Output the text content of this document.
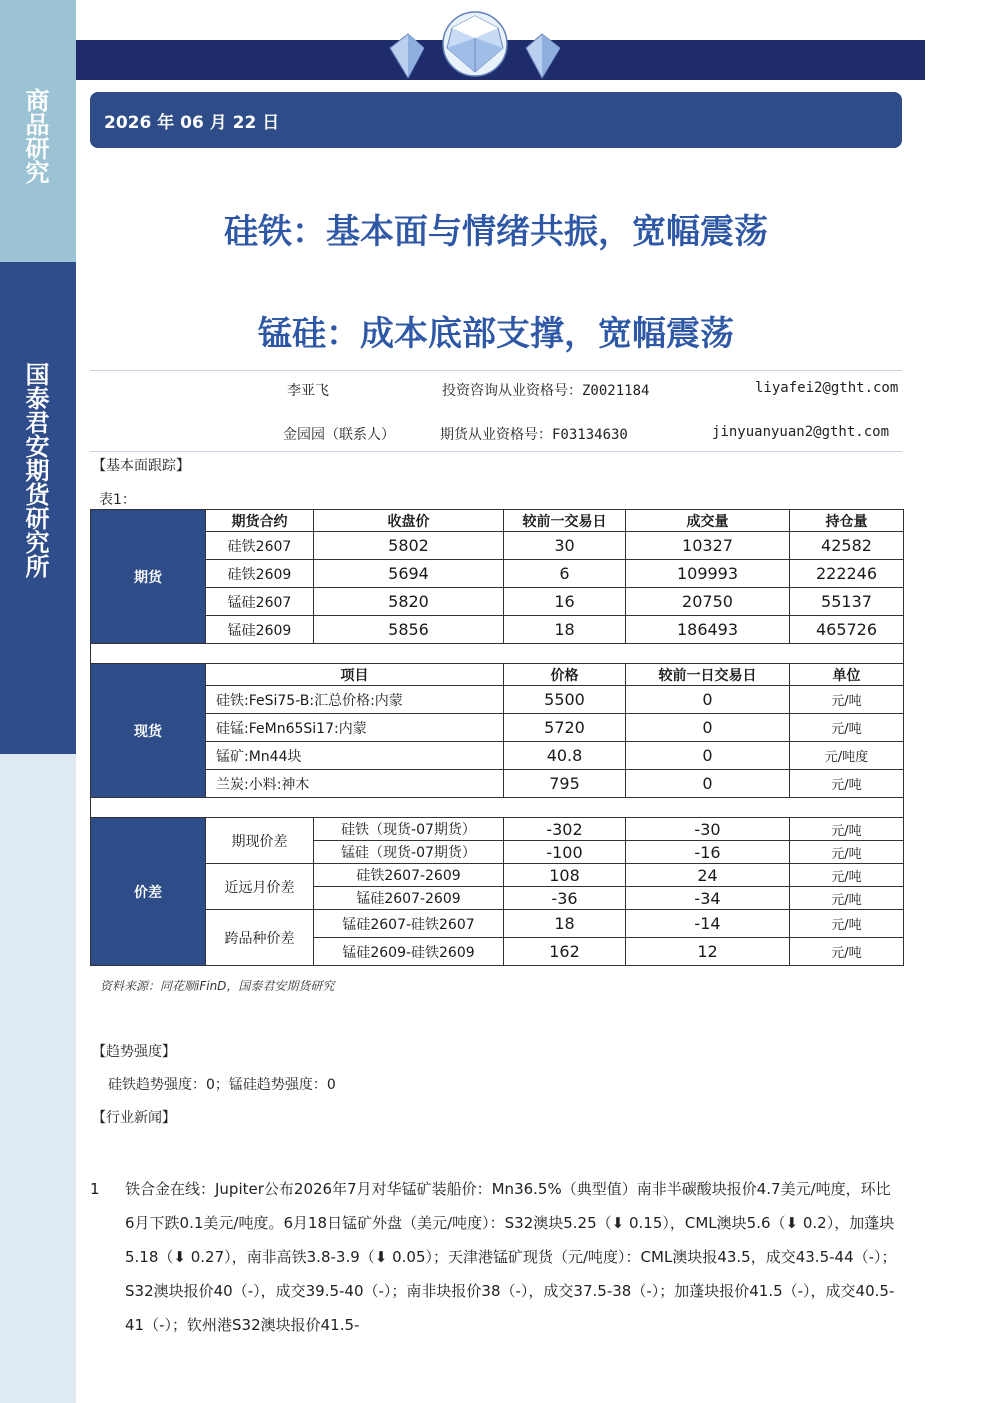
商品研究
国泰君安期货研究所
2026 年 06 月 22 日
硅铁：基本面与情绪共振，宽幅震荡
锰硅：成本底部支撑，宽幅震荡
李亚飞	投资咨询从业资格号：Z0021184	liyafei2@gtht.com
金园园（联系人）	期货从业资格号：F03134630	jinyuanyuan2@gtht.com
【基本面跟踪】
表1：
期货	期货合约	收盘价	较前一交易日	成交量	持仓量
	硅铁2607	5802	30	10327	42582
	硅铁2609	5694	6	109993	222246
	锰硅2607	5820	16	20750	55137
	锰硅2609	5856	18	186493	465726

现货	项目		价格	较前一日交易日	单位
	硅铁:FeSi75-B:汇总价格:内蒙		5500	0	元/吨
	硅锰:FeMn65Si17:内蒙		5720	0	元/吨
	锰矿:Mn44块		40.8	0	元/吨度
	兰炭:小料:神木		795	0	元/吨

价差	期现价差	硅铁（现货-07期货）	-302	-30	元/吨
		锰硅（现货-07期货）	-100	-16	元/吨
	近远月价差	硅铁2607-2609	108	24	元/吨
		锰硅2607-2609	-36	-34	元/吨
	跨品种价差	锰硅2607-硅铁2607	18	-14	元/吨
		锰硅2609-硅铁2609	162	12	元/吨
资料来源：同花顺iFinD，国泰君安期货研究
【趋势强度】
硅铁趋势强度：0；锰硅趋势强度：0
【行业新闻】
1 铁合金在线：Jupiter公布2026年7月对华锰矿装船价：Mn36.5%（典型值）南非半碳酸块报价4.7美元/吨度，环比6月下跌0.1美元/吨度。6月18日锰矿外盘（美元/吨度）：S32澳块5.25（⬇ 0.15），CML澳块5.6（⬇ 0.2），加蓬块5.18（⬇ 0.27），南非高铁3.8-3.9（⬇ 0.05）；天津港锰矿现货（元/吨度）：CML澳块报43.5，成交43.5-44（-）；S32澳块报价40（-），成交39.5-40（-）；南非块报价38（-），成交37.5-38（-）；加蓬块报价41.5（-），成交40.5-41（-）；钦州港S32澳块报价41.5-
